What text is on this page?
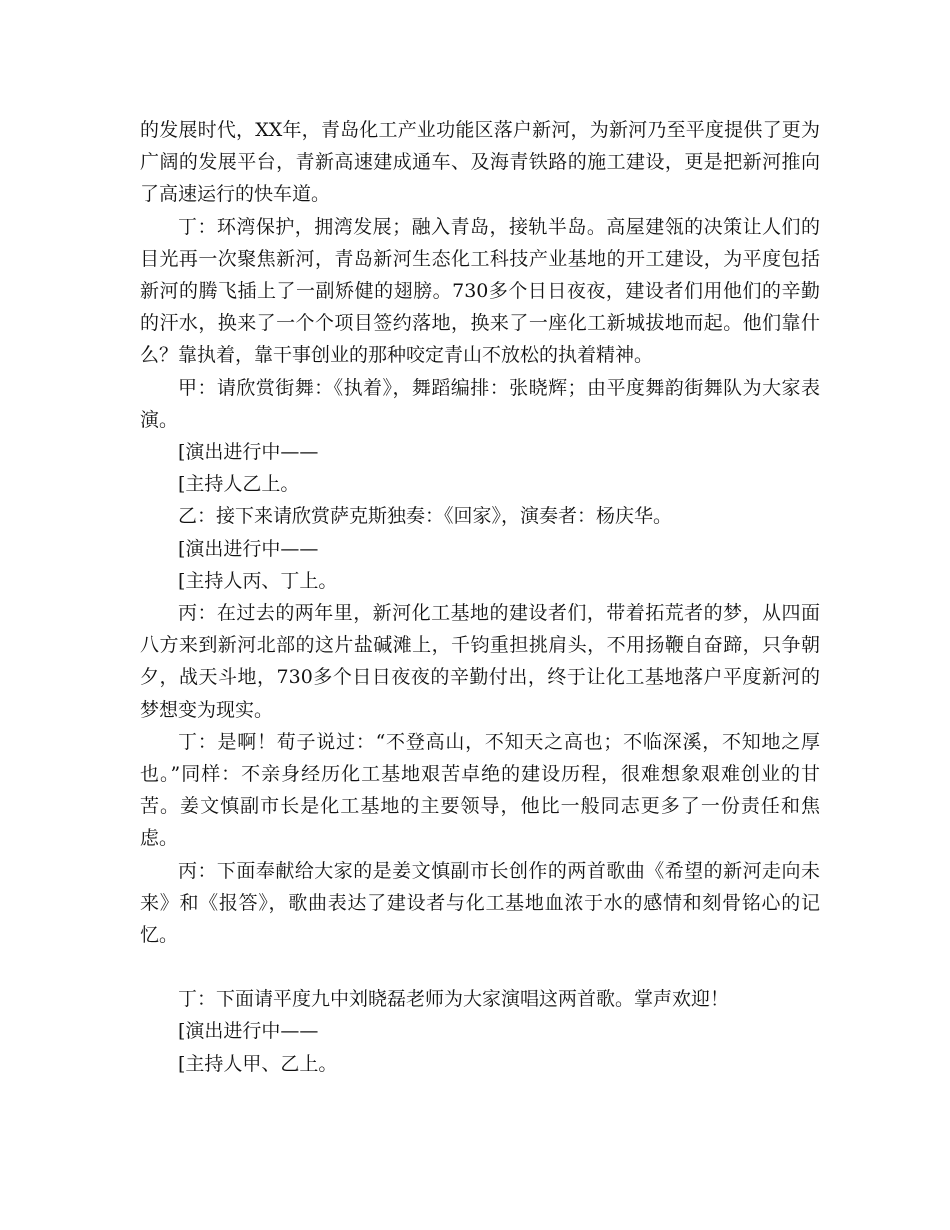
的发展时代，XX年，青岛化工产业功能区落户新河，为新河乃至平度提供了更为广阔的发展平台，青新高速建成通车、及海青铁路的施工建设，更是把新河推向了高速运行的快车道。

丁：环湾保护，拥湾发展；融入青岛，接轨半岛。高屋建瓴的决策让人们的目光再一次聚焦新河，青岛新河生态化工科技产业基地的开工建设，为平度包括新河的腾飞插上了一副矫健的翅膀。730多个日日夜夜，建设者们用他们的辛勤的汗水，换来了一个个项目签约落地，换来了一座化工新城拔地而起。他们靠什么？靠执着，靠干事创业的那种咬定青山不放松的执着精神。

甲：请欣赏街舞：《执着》，舞蹈编排：张晓辉；由平度舞韵街舞队为大家表演。

[演出进行中——

[主持人乙上。

乙：接下来请欣赏萨克斯独奏：《回家》，演奏者：杨庆华。

[演出进行中——

[主持人丙、丁上。

丙：在过去的两年里，新河化工基地的建设者们，带着拓荒者的梦，从四面八方来到新河北部的这片盐碱滩上，千钧重担挑肩头，不用扬鞭自奋蹄，只争朝夕，战天斗地，730多个日日夜夜的辛勤付出，终于让化工基地落户平度新河的梦想变为现实。

丁：是啊！荀子说过：“不登高山，不知天之高也；不临深溪，不知地之厚也。”同样：不亲身经历化工基地艰苦卓绝的建设历程，很难想象艰难创业的甘苦。姜文慎副市长是化工基地的主要领导，他比一般同志更多了一份责任和焦虑。

丙：下面奉献给大家的是姜文慎副市长创作的两首歌曲《希望的新河走向未来》和《报答》，歌曲表达了建设者与化工基地血浓于水的感情和刻骨铭心的记忆。

丁：下面请平度九中刘晓磊老师为大家演唱这两首歌。掌声欢迎！

[演出进行中——

[主持人甲、乙上。
